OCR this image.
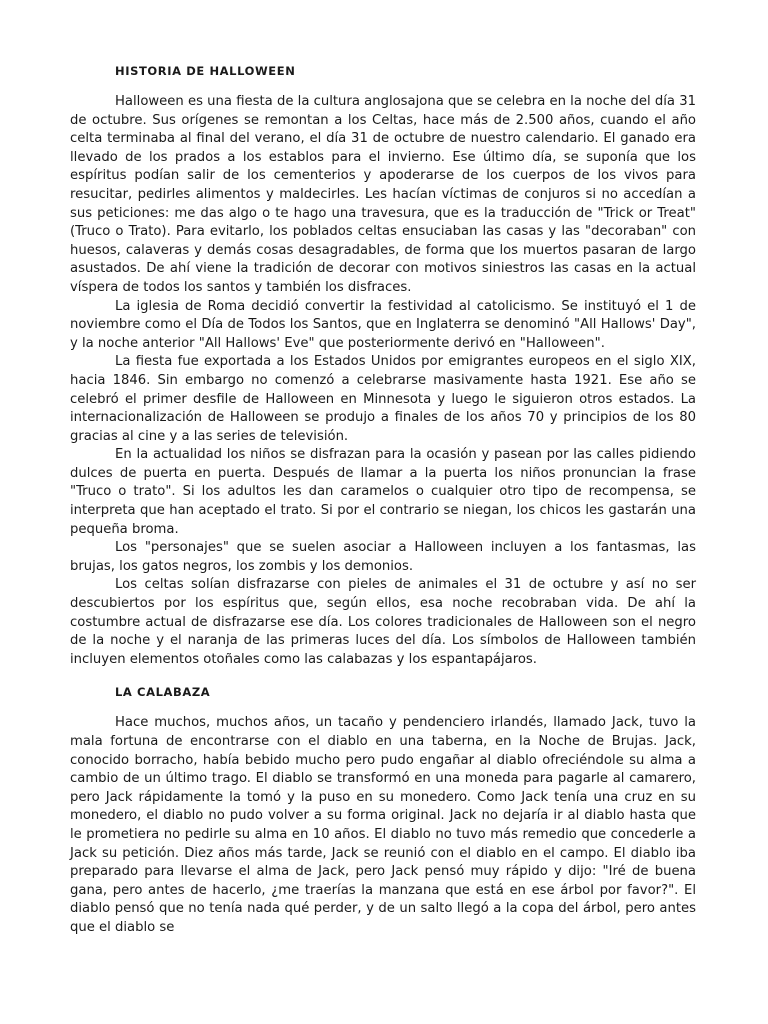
HISTORIA DE HALLOWEEN

Halloween es una fiesta de la cultura anglosajona que se celebra en la noche del día 31 de octubre. Sus orígenes se remontan a los Celtas, hace más de 2.500 años, cuando el año celta terminaba al final del verano, el día 31 de octubre de nuestro calendario. El ganado era llevado de los prados a los establos para el invierno. Ese último día, se suponía que los espíritus podían salir de los cementerios y apoderarse de los cuerpos de los vivos para resucitar, pedirles alimentos y maldecirles. Les hacían víctimas de conjuros si no accedían a sus peticiones: me das algo o te hago una travesura, que es la traducción de "Trick or Treat" (Truco o Trato). Para evitarlo, los poblados celtas ensuciaban las casas y las "decoraban" con huesos, calaveras y demás cosas desagradables, de forma que los muertos pasaran de largo asustados. De ahí viene la tradición de decorar con motivos siniestros las casas en la actual víspera de todos los santos y también los disfraces.

La iglesia de Roma decidió convertir la festividad al catolicismo. Se instituyó el 1 de noviembre como el Día de Todos los Santos, que en Inglaterra se denominó "All Hallows' Day", y la noche anterior "All Hallows' Eve" que posteriormente derivó en "Halloween".

La fiesta fue exportada a los Estados Unidos por emigrantes europeos en el siglo XIX, hacia 1846. Sin embargo no comenzó a celebrarse masivamente hasta 1921. Ese año se celebró el primer desfile de Halloween en Minnesota y luego le siguieron otros estados. La internacionalización de Halloween se produjo a finales de los años 70 y principios de los 80 gracias al cine y a las series de televisión.

En la actualidad los niños se disfrazan para la ocasión y pasean por las calles pidiendo dulces de puerta en puerta. Después de llamar a la puerta los niños pronuncian la frase "Truco o trato". Si los adultos les dan caramelos o cualquier otro tipo de recompensa, se interpreta que han aceptado el trato. Si por el contrario se niegan, los chicos les gastarán una pequeña broma.

Los "personajes" que se suelen asociar a Halloween incluyen a los fantasmas, las brujas, los gatos negros, los zombis y los demonios.

Los celtas solían disfrazarse con pieles de animales el 31 de octubre y así no ser descubiertos por los espíritus que, según ellos, esa noche recobraban vida. De ahí la costumbre actual de disfrazarse ese día. Los colores tradicionales de Halloween son el negro de la noche y el naranja de las primeras luces del día. Los símbolos de Halloween también incluyen elementos otoñales como las calabazas y los espantapájaros.

LA CALABAZA

Hace muchos, muchos años, un tacaño y pendenciero irlandés, llamado Jack, tuvo la mala fortuna de encontrarse con el diablo en una taberna, en la Noche de Brujas. Jack, conocido borracho, había bebido mucho pero pudo engañar al diablo ofreciéndole su alma a cambio de un último trago. El diablo se transformó en una moneda para pagarle al camarero, pero Jack rápidamente la tomó y la puso en su monedero. Como Jack tenía una cruz en su monedero, el diablo no pudo volver a su forma original. Jack no dejaría ir al diablo hasta que le prometiera no pedirle su alma en 10 años. El diablo no tuvo más remedio que concederle a Jack su petición. Diez años más tarde, Jack se reunió con el diablo en el campo. El diablo iba preparado para llevarse el alma de Jack, pero Jack pensó muy rápido y dijo: "Iré de buena gana, pero antes de hacerlo, ¿me traerías la manzana que está en ese árbol por favor?". El diablo pensó que no tenía nada qué perder, y de un salto llegó a la copa del árbol, pero antes que el diablo se
